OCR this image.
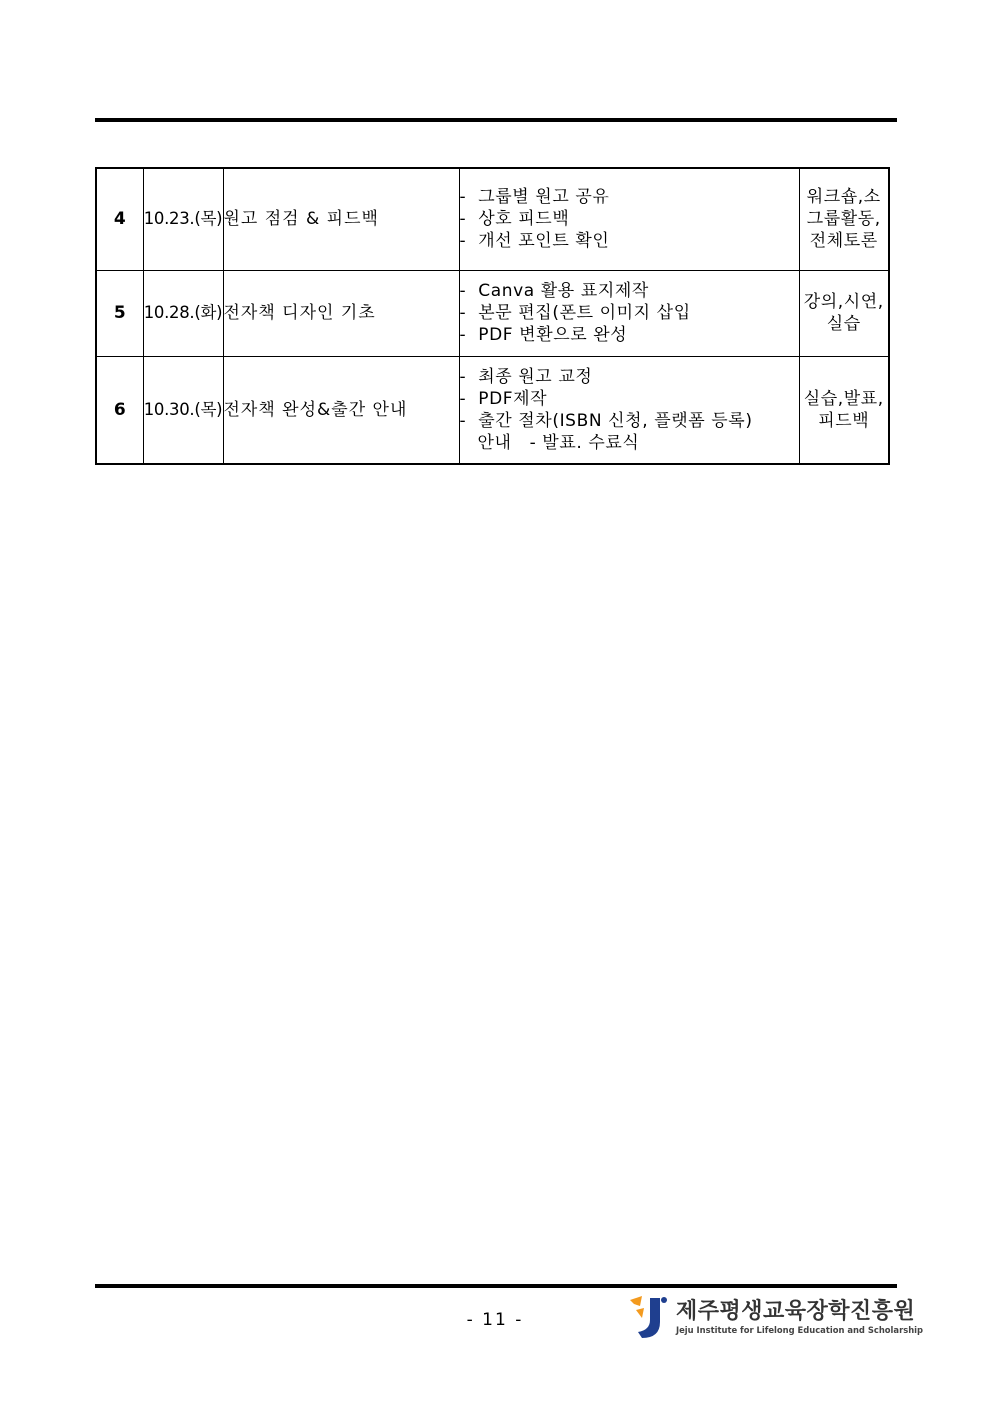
4	10.23.(목)	원고 점검 & 피드백	-  그룹별 원고 공유
-  상호 피드백
-  개선 포인트 확인	워크숍,소
그룹활동,
전체토론

5	10.28.(화)	전자책 디자인 기초	-  Canva 활용 표지제작
-  본문 편집(폰트 이미지 삽입
-  PDF 변환으로 완성	강의,시연,
실습

6	10.30.(목)	전자책 완성&출간 안내	-  최종 원고 교정
-  PDF제작
-  출간 절차(ISBN 신청, 플랫폼 등록)
안내   - 발표. 수료식	실습,발표,
피드백
- 11 -	제주평생교육장학진흥원
Jeju Institute for Lifelong Education and Scholarship
